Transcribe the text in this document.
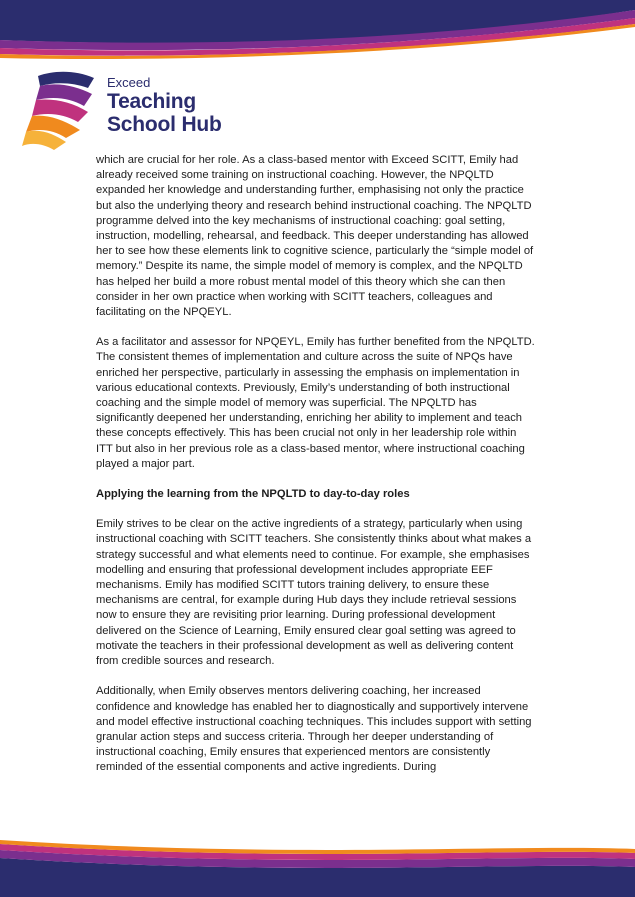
Exceed
Teaching
School Hub

which are crucial for her role. As a class-based mentor with Exceed SCITT, Emily had already received some training on instructional coaching. However, the NPQLTD expanded her knowledge and understanding further, emphasising not only the practice but also the underlying theory and research behind instructional coaching. The NPQLTD programme delved into the key mechanisms of instructional coaching: goal setting, instruction, modelling, rehearsal, and feedback. This deeper understanding has allowed her to see how these elements link to cognitive science, particularly the “simple model of memory.” Despite its name, the simple model of memory is complex, and the NPQLTD has helped her build a more robust mental model of this theory which she can then consider in her own practice when working with SCITT teachers, colleagues and facilitating on the NPQEYL.

As a facilitator and assessor for NPQEYL, Emily has further benefited from the NPQLTD. The consistent themes of implementation and culture across the suite of NPQs have enriched her perspective, particularly in assessing the emphasis on implementation in various educational contexts. Previously, Emily’s understanding of both instructional coaching and the simple model of memory was superficial. The NPQLTD has significantly deepened her understanding, enriching her ability to implement and teach these concepts effectively. This has been crucial not only in her leadership role within ITT but also in her previous role as a class-based mentor, where instructional coaching played a major part.

Applying the learning from the NPQLTD to day-to-day roles

Emily strives to be clear on the active ingredients of a strategy, particularly when using instructional coaching with SCITT teachers. She consistently thinks about what makes a strategy successful and what elements need to continue. For example, she emphasises modelling and ensuring that professional development includes appropriate EEF mechanisms. Emily has modified SCITT tutors training delivery, to ensure these mechanisms are central, for example during Hub days they include retrieval sessions now to ensure they are revisiting prior learning. During professional development delivered on the Science of Learning, Emily ensured clear goal setting was agreed to motivate the teachers in their professional development as well as delivering content from credible sources and research.

Additionally, when Emily observes mentors delivering coaching, her increased confidence and knowledge has enabled her to diagnostically and supportively intervene and model effective instructional coaching techniques. This includes support with setting granular action steps and success criteria. Through her deeper understanding of instructional coaching, Emily ensures that experienced mentors are consistently reminded of the essential components and active ingredients. During
